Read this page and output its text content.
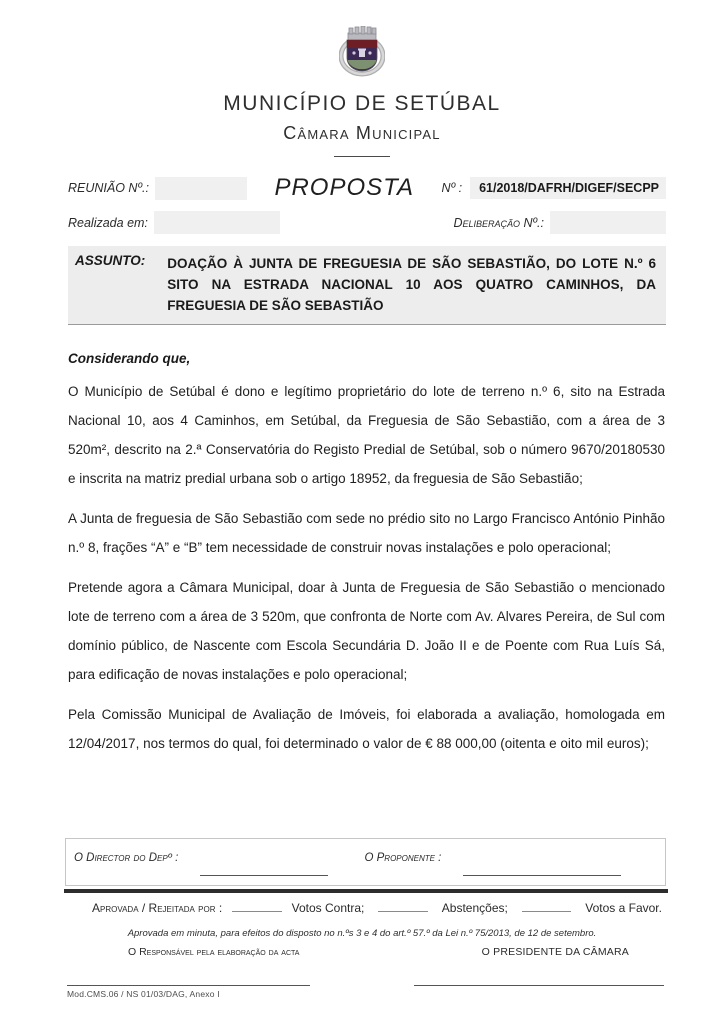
MUNICÍPIO DE SETÚBAL
Câmara Municipal
REUNIÃO Nº.:	PROPOSTA Nº :	61/2018/DAFRH/DIGEF/SECPP
Realizada em:	Deliberação Nº.:
ASSUNTO: DOAÇÃO À JUNTA DE FREGUESIA DE SÃO SEBASTIÃO, DO LOTE N.º 6 SITO NA ESTRADA NACIONAL 10 AOS QUATRO CAMINHOS, DA FREGUESIA DE SÃO SEBASTIÃO
Considerando que,

O Município de Setúbal é dono e legítimo proprietário do lote de terreno n.º 6, sito na Estrada Nacional 10, aos 4 Caminhos, em Setúbal, da Freguesia de São Sebastião, com a área de 3 520m², descrito na 2.ª Conservatória do Registo Predial de Setúbal, sob o número 9670/20180530 e inscrita na matriz predial urbana sob o artigo 18952, da freguesia de São Sebastião;

A Junta de freguesia de São Sebastião com sede no prédio sito no Largo Francisco António Pinhão n.º 8, frações “A” e “B” tem necessidade de construir novas instalações e polo operacional;

Pretende agora a Câmara Municipal, doar à Junta de Freguesia de São Sebastião o mencionado lote de terreno com a área de 3 520m, que confronta de Norte com Av. Alvares Pereira, de Sul com domínio público, de Nascente com Escola Secundária D. João II e de Poente com Rua Luís Sá, para edificação de novas instalações e polo operacional;

Pela Comissão Municipal de Avaliação de Imóveis, foi elaborada a avaliação, homologada em 12/04/2017, nos termos do qual, foi determinado o valor de € 88 000,00 (oitenta e oito mil euros);

O Director do Depº :	O Proponente :
Aprovada / Rejeitada por :	Votos Contra;	Abstenções;	Votos a Favor.
Aprovada em minuta, para efeitos do disposto no n.ºs 3 e 4 do art.º 57.º da Lei n.º 75/2013, de 12 de setembro.
O Responsável pela elaboração da acta	O PRESIDENTE DA CÂMARA
Mod.CMS.06 / NS 01/03/DAG, Anexo I
